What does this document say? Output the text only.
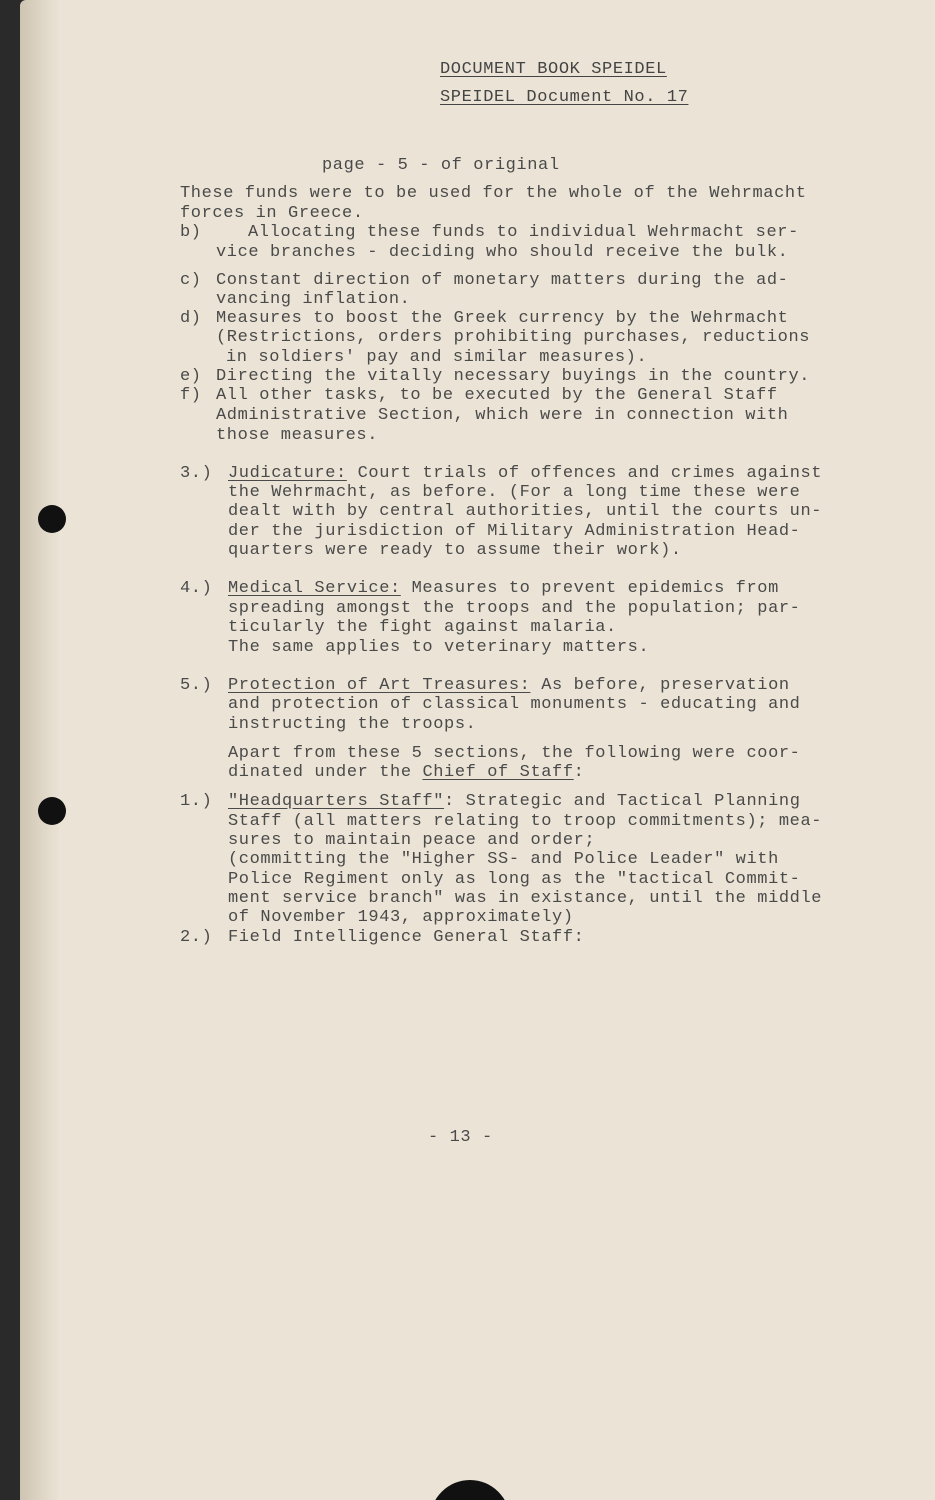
DOCUMENT BOOK SPEIDEL
SPEIDEL Document No. 17
page - 5 - of original
These funds were to be used for the whole of the Wehrmacht
forces in Greece.
b)	Allocating these funds to individual Wehrmacht ser-
vice branches - deciding who should receive the bulk.
c) Constant direction of monetary matters during the ad-
vancing inflation.
d) Measures to boost the Greek currency by the Wehrmacht
(Restrictions, orders prohibiting purchases, reductions
in soldiers' pay and similar measures).
e) Directing the vitally necessary buyings in the country.
f) All other tasks, to be executed by the General Staff
Administrative Section, which were in connection with
those measures.
3.) Judicature: Court trials of offences and crimes against
the Wehrmacht, as before. (For a long time these were
dealt with by central authorities, until the courts un-
der the jurisdiction of Military Administration Head-
quarters were ready to assume their work).
4.) Medical Service: Measures to prevent epidemics from
spreading amongst the troops and the population; par-
ticularly the fight against malaria.
The same applies to veterinary matters.
5.) Protection of Art Treasures: As before, preservation
and protection of classical monuments - educating and
instructing the troops.
Apart from these 5 sections, the following were coor-
dinated under the Chief of Staff:
1.) "Headquarters Staff": Strategic and Tactical Planning
Staff (all matters relating to troop commitments); mea-
sures to maintain peace and order;
(committing the "Higher SS- and Police Leader" with
Police Regiment only as long as the "tactical Commit-
ment service branch" was in existance, until the middle
of November 1943, approximately)
2.) Field Intelligence General Staff:
- 13 -
